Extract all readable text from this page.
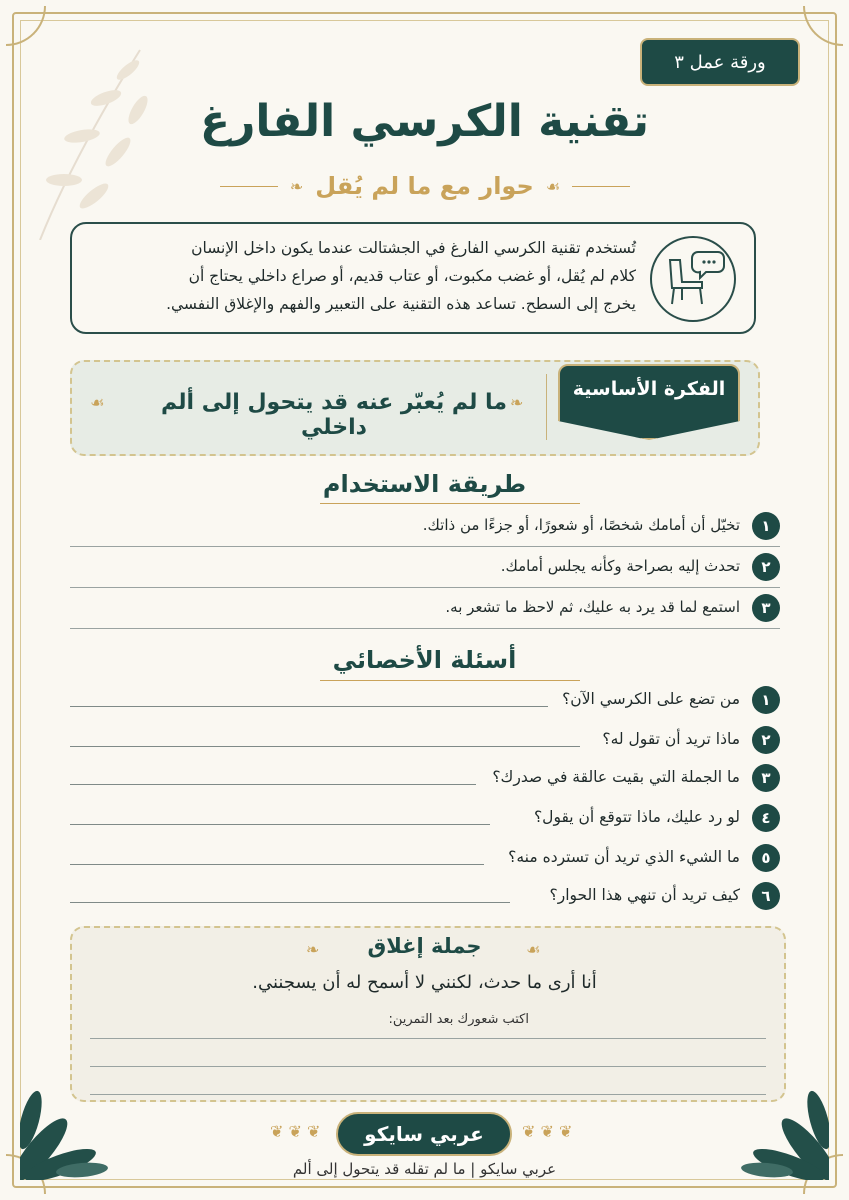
ورقة عمل ٣
تقنية الكرسي الفارغ
❧ حوار مع ما لم يُقل ☙
تُستخدم تقنية الكرسي الفارغ في الجشتالت عندما يكون داخل الإنسان
كلام لم يُقل، أو غضب مكبوت، أو عتاب قديم، أو صراع داخلي يحتاج أن
يخرج إلى السطح. تساعد هذه التقنية على التعبير والفهم والإغلاق النفسي.
الفكرة الأساسية
❧
ما لم يُعبّر عنه قد يتحول إلى ألم داخلي
☙
طريقة الاستخدام
١
تخيّل أن أمامك شخصًا، أو شعورًا، أو جزءًا من ذاتك.
٢
تحدث إليه بصراحة وكأنه يجلس أمامك.
٣
استمع لما قد يرد به عليك، ثم لاحظ ما تشعر به.
أسئلة الأخصائي
١
من تضع على الكرسي الآن؟
٢
ماذا تريد أن تقول له؟
٣
ما الجملة التي بقيت عالقة في صدرك؟
٤
لو رد عليك، ماذا تتوقع أن يقول؟
٥
ما الشيء الذي تريد أن تسترده منه؟
٦
كيف تريد أن تنهي هذا الحوار؟
❧	جملة إغلاق	☙
أنا أرى ما حدث، لكنني لا أسمح له أن يسجنني.
اكتب شعورك بعد التمرين:
❦ ❦ ❦	عربي سايكو	❦ ❦ ❦
عربي سايكو | ما لم تقله قد يتحول إلى ألم
